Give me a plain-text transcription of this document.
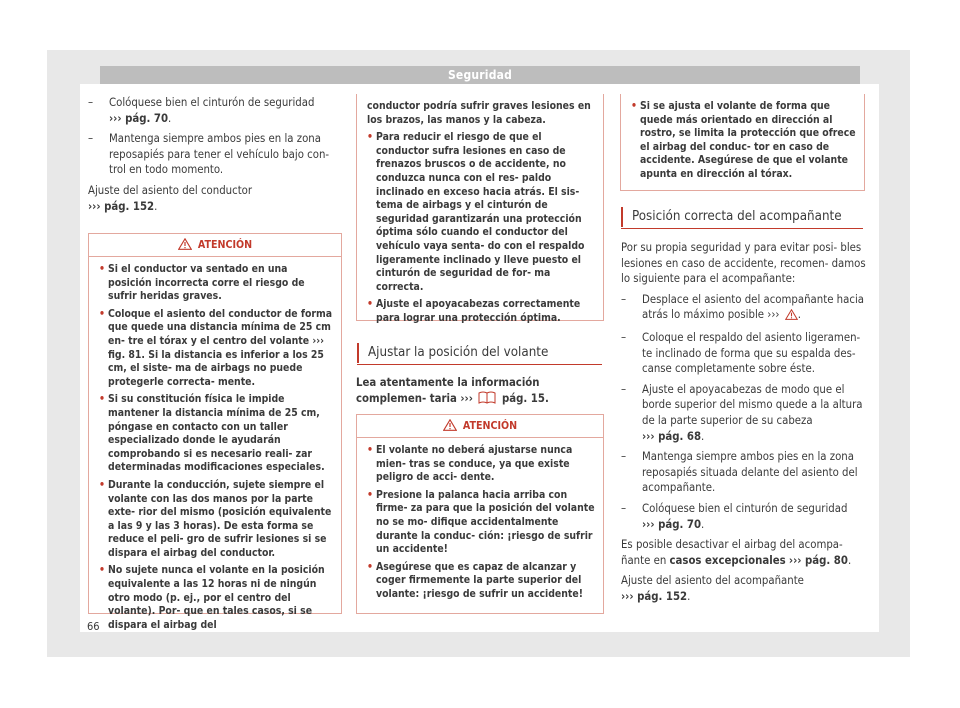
Seguridad
– Colóquese bien el cinturón de seguridad
››› pág. 70.
– Mantenga siempre ambos pies en la zona reposapiés para tener el vehículo bajo con- trol en todo momento.

Ajuste del asiento del conductor
››› pág. 152.

ATENCIÓN
• Si el conductor va sentado en una posición incorrecta corre el riesgo de sufrir heridas graves.
• Coloque el asiento del conductor de forma que quede una distancia mínima de 25 cm en- tre el tórax y el centro del volante ››› fig. 81. Si la distancia es inferior a los 25 cm, el siste- ma de airbags no puede protegerle correcta- mente.
• Si su constitución física le impide mantener la distancia mínima de 25 cm, póngase en contacto con un taller especializado donde le ayudarán comprobando si es necesario reali- zar determinadas modificaciones especiales.
• Durante la conducción, sujete siempre el volante con las dos manos por la parte exte- rior del mismo (posición equivalente a las 9 y las 3 horas). De esta forma se reduce el peli- gro de sufrir lesiones si se dispara el airbag del conductor.
• No sujete nunca el volante en la posición equivalente a las 12 horas ni de ningún otro modo (p. ej., por el centro del volante). Por- que en tales casos, si se dispara el airbag del
conductor podría sufrir graves lesiones en los brazos, las manos y la cabeza.
• Para reducir el riesgo de que el conductor sufra lesiones en caso de frenazos bruscos o de accidente, no conduzca nunca con el res- paldo inclinado en exceso hacia atrás. El sis- tema de airbags y el cinturón de seguridad garantizarán una protección óptima sólo cuando el conductor del vehículo vaya senta- do con el respaldo ligeramente inclinado y lleve puesto el cinturón de seguridad de for- ma correcta.
• Ajuste el apoyacabezas correctamente para lograr una protección óptima.
Ajustar la posición del volante
Lea atentamente la información complemen- taria ›››	pág. 15.
ATENCIÓN
• El volante no deberá ajustarse nunca mien- tras se conduce, ya que existe peligro de acci- dente.
• Presione la palanca hacia arriba con firme- za para que la posición del volante no se mo- difique accidentalmente durante la conduc- ción: ¡riesgo de sufrir un accidente!
• Asegúrese que es capaz de alcanzar y coger firmemente la parte superior del volante: ¡riesgo de sufrir un accidente!
• Si se ajusta el volante de forma que quede más orientado en dirección al rostro, se limita la protección que ofrece el airbag del conduc- tor en caso de accidente. Asegúrese de que el volante apunta en dirección al tórax.
Posición correcta del acompañante

Por su propia seguridad y para evitar posi- bles lesiones en caso de accidente, recomen- damos lo siguiente para el acompañante:

– Desplace el asiento del acompañante hacia atrás lo máximo posible ››› .
– Coloque el respaldo del asiento ligeramen- te inclinado de forma que su espalda des- canse completamente sobre éste.
– Ajuste el apoyacabezas de modo que el borde superior del mismo quede a la altura de la parte superior de su cabeza
››› pág. 68.
– Mantenga siempre ambos pies en la zona reposapiés situada delante del asiento del acompañante.
– Colóquese bien el cinturón de seguridad
››› pág. 70.

Es posible desactivar el airbag del acompa- ñante en casos excepcionales ››› pág. 80.

Ajuste del asiento del acompañante
››› pág. 152.

66
